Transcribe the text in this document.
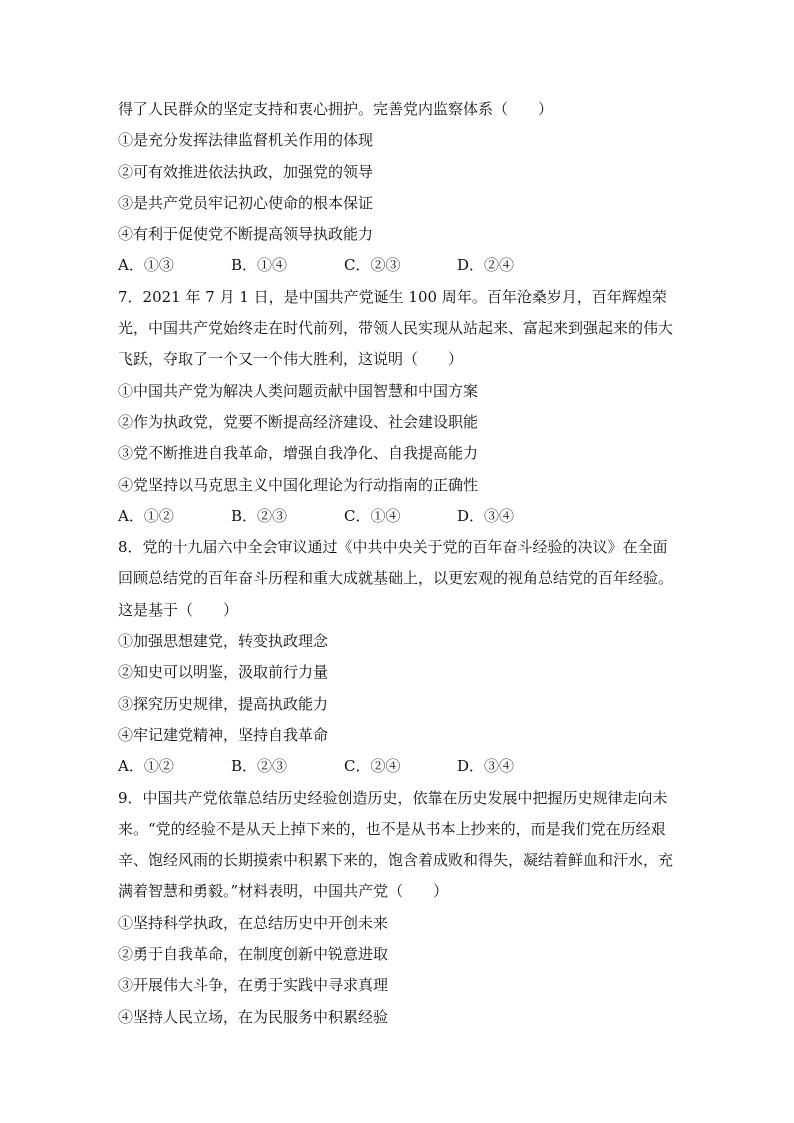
得了人民群众的坚定支持和衷心拥护。完善党内监察体系（　　）
①是充分发挥法律监督机关作用的体现
②可有效推进依法执政，加强党的领导
③是共产党员牢记初心使命的根本保证
④有利于促使党不断提高领导执政能力
A．①③	B．①④	C．②③	D．②④
7．2021 年 7 月 1 日，是中国共产党诞生 100 周年。百年沧桑岁月，百年辉煌荣光，中国共产党始终走在时代前列，带领人民实现从站起来、富起来到强起来的伟大飞跃，夺取了一个又一个伟大胜利，这说明（　　）
①中国共产党为解决人类问题贡献中国智慧和中国方案
②作为执政党，党要不断提高经济建设、社会建设职能
③党不断推进自我革命，增强自我净化、自我提高能力
④党坚持以马克思主义中国化理论为行动指南的正确性
A．①②	B．②③	C．①④	D．③④
8．党的十九届六中全会审议通过《中共中央关于党的百年奋斗经验的决议》在全面回顾总结党的百年奋斗历程和重大成就基础上，以更宏观的视角总结党的百年经验。这是基于（　　）
①加强思想建党，转变执政理念
②知史可以明鉴，汲取前行力量
③探究历史规律，提高执政能力
④牢记建党精神，坚持自我革命
A．①②	B．②③	C．②④	D．③④
9．中国共产党依靠总结历史经验创造历史，依靠在历史发展中把握历史规律走向未来。“党的经验不是从天上掉下来的，也不是从书本上抄来的，而是我们党在历经艰辛、饱经风雨的长期摸索中积累下来的，饱含着成败和得失，凝结着鲜血和汗水，充满着智慧和勇毅。”材料表明，中国共产党（　　）
①坚持科学执政，在总结历史中开创未来
②勇于自我革命，在制度创新中锐意进取
③开展伟大斗争，在勇于实践中寻求真理
④坚持人民立场，在为民服务中积累经验
